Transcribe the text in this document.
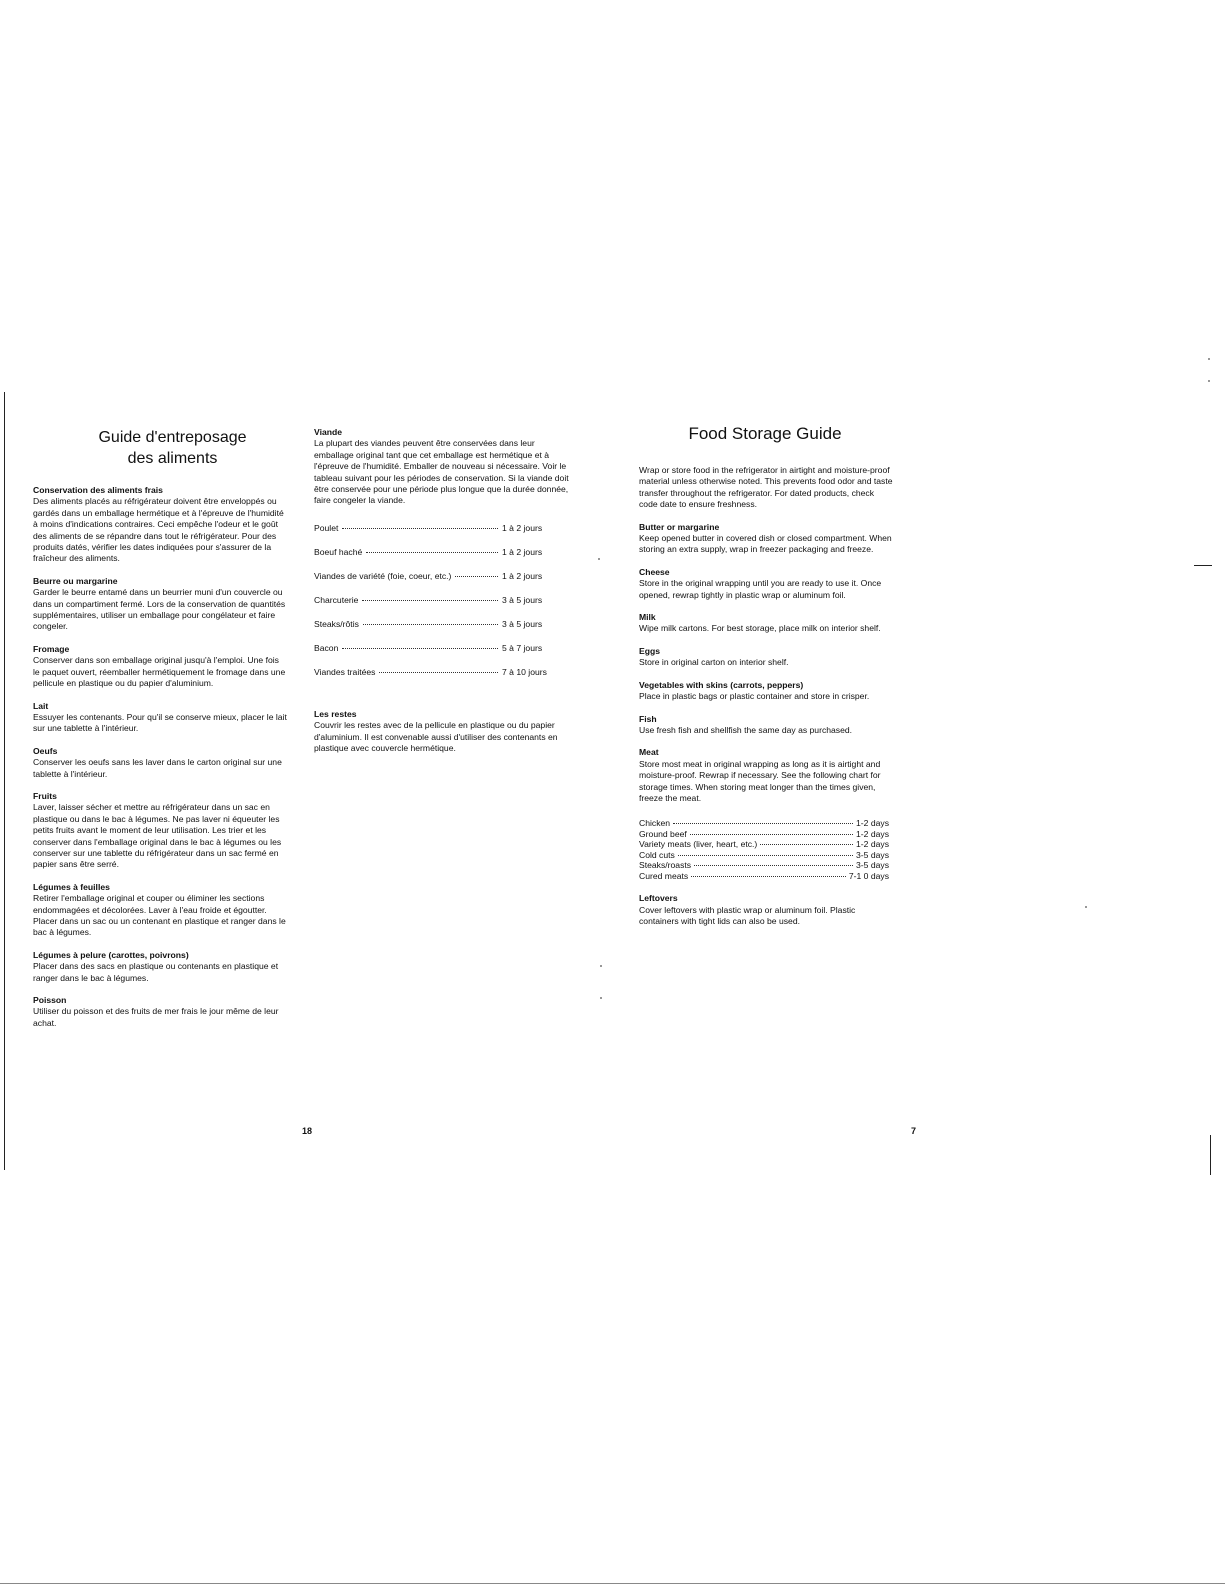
Guide d'entreposage
des aliments

Conservation des aliments frais

Des aliments placés au réfrigérateur doivent être enveloppés ou gardés dans un emballage hermétique et à l'épreuve de l'humidité à moins d'indications contraires. Ceci empêche l'odeur et le goût des aliments de se répandre dans tout le réfrigérateur. Pour des produits datés, vérifier les dates indiquées pour s'assurer de la fraîcheur des aliments.

Beurre ou margarine

Garder le beurre entamé dans un beurrier muni d'un couvercle ou dans un compartiment fermé. Lors de la conservation de quantités supplémentaires, utiliser un emballage pour congélateur et faire congeler.

Fromage

Conserver dans son emballage original jusqu'à l'emploi. Une fois le paquet ouvert, réemballer hermétiquement le fromage dans une pellicule en plastique ou du papier d'aluminium.

Lait

Essuyer les contenants. Pour qu'il se conserve mieux, placer le lait sur une tablette à l'intérieur.

Oeufs

Conserver les oeufs sans les laver dans le carton original sur une tablette à l'intérieur.

Fruits

Laver, laisser sécher et mettre au réfrigérateur dans un sac en plastique ou dans le bac à légumes. Ne pas laver ni équeuter les petits fruits avant le moment de leur utilisation. Les trier et les conserver dans l'emballage original dans le bac à légumes ou les conserver sur une tablette du réfrigérateur dans un sac fermé en papier sans être serré.

Légumes à feuilles

Retirer l'emballage original et couper ou éliminer les sections endommagées et décolorées. Laver à l'eau froide et égoutter. Placer dans un sac ou un contenant en plastique et ranger dans le bac à légumes.

Légumes à pelure (carottes, poivrons)

Placer dans des sacs en plastique ou contenants en plastique et ranger dans le bac à légumes.

Poisson

Utiliser du poisson et des fruits de mer frais le jour même de leur achat.

Viande

La plupart des viandes peuvent être conservées dans leur emballage original tant que cet emballage est hermétique et à l'épreuve de l'humidité. Emballer de nouveau si nécessaire. Voir le tableau suivant pour les périodes de conservation. Si la viande doit être conservée pour une période plus longue que la durée donnée, faire congeler la viande.

Poulet	1 à 2 jours
Boeuf haché	1 à 2 jours
Viandes de variété (foie, coeur, etc.)	1 à 2 jours
Charcuterie	3 à 5 jours
Steaks/rôtis	3 à 5 jours
Bacon	5 à 7 jours
Viandes traitées	7 à 10 jours

Les restes

Couvrir les restes avec de la pellicule en plastique ou du papier d'aluminium. Il est convenable aussi d'utiliser des contenants en plastique avec couvercle hermétique.

Food Storage Guide

Wrap or store food in the refrigerator in airtight and moisture-proof material unless otherwise noted. This prevents food odor and taste transfer throughout the refrigerator. For dated products, check code date to ensure freshness.

Butter or margarine

Keep opened butter in covered dish or closed compartment. When storing an extra supply, wrap in freezer packaging and freeze.

Cheese

Store in the original wrapping until you are ready to use it. Once opened, rewrap tightly in plastic wrap or aluminum foil.

Milk

Wipe milk cartons. For best storage, place milk on interior shelf.

Eggs

Store in original carton on interior shelf.

Vegetables with skins (carrots, peppers)

Place in plastic bags or plastic container and store in crisper.

Fish

Use fresh fish and shellfish the same day as purchased.

Meat

Store most meat in original wrapping as long as it is airtight and moisture-proof. Rewrap if necessary. See the following chart for storage times. When storing meat longer than the times given, freeze the meat.

Chicken	1-2 days
Ground beef	1-2 days
Variety meats (liver, heart, etc.)	1-2 days
Cold cuts	3-5 days
Steaks/roasts	3-5 days
Cured meats	7-1 0 days

Leftovers

Cover leftovers with plastic wrap or aluminum foil. Plastic containers with tight lids can also be used.

18	7
